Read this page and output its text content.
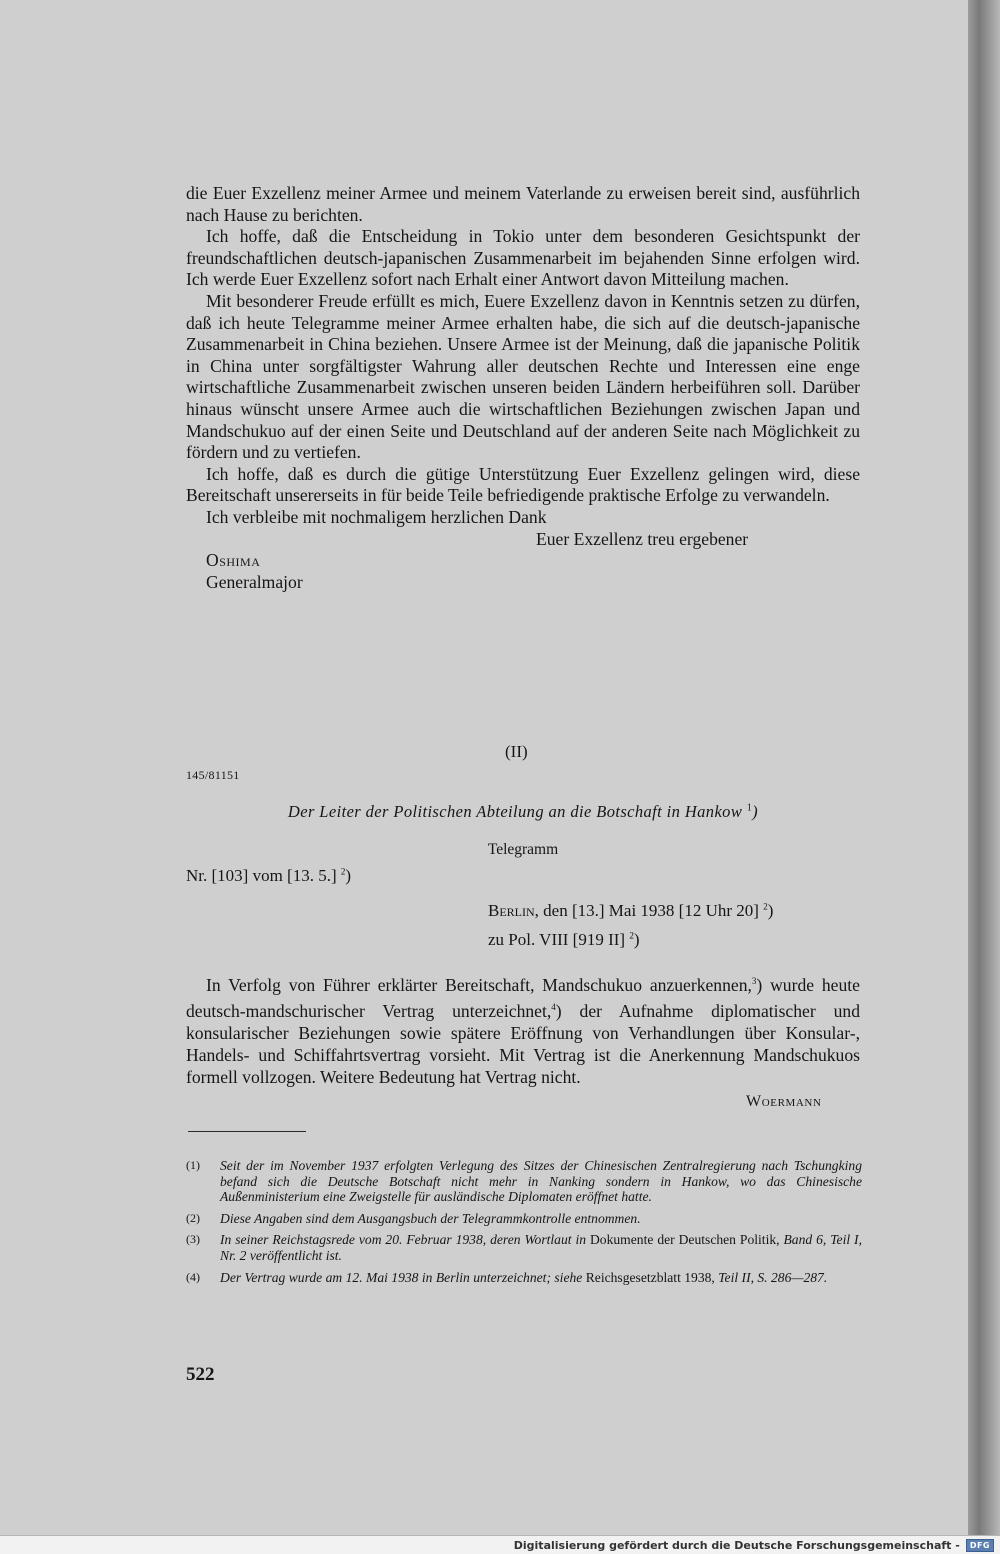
die Euer Exzellenz meiner Armee und meinem Vaterlande zu erweisen bereit sind, ausführlich nach Hause zu berichten.

Ich hoffe, daß die Entscheidung in Tokio unter dem besonderen Gesichtspunkt der freundschaftlichen deutsch-japanischen Zusammenarbeit im bejahenden Sinne erfolgen wird. Ich werde Euer Exzellenz sofort nach Erhalt einer Antwort davon Mitteilung machen.

Mit besonderer Freude erfüllt es mich, Euere Exzellenz davon in Kenntnis setzen zu dürfen, daß ich heute Telegramme meiner Armee erhalten habe, die sich auf die deutsch-japanische Zusammenarbeit in China beziehen. Unsere Armee ist der Meinung, daß die japanische Politik in China unter sorgfältigster Wahrung aller deutschen Rechte und Interessen eine enge wirtschaftliche Zusammenarbeit zwischen unseren beiden Ländern herbeiführen soll. Darüber hinaus wünscht unsere Armee auch die wirtschaftlichen Beziehungen zwischen Japan und Mandschukuo auf der einen Seite und Deutschland auf der anderen Seite nach Möglichkeit zu fördern und zu vertiefen.

Ich hoffe, daß es durch die gütige Unterstützung Euer Exzellenz gelingen wird, diese Bereitschaft unsererseits in für beide Teile befriedigende praktische Erfolge zu verwandeln.

Ich verbleibe mit nochmaligem herzlichen Dank

Euer Exzellenz treu ergebener

Oshima

Generalmajor

(II)
145/81151
Der Leiter der Politischen Abteilung an die Botschaft in Hankow $^1$)
Telegramm
Nr. [103] vom [13. 5.] $^2$)
Berlin, den [13.] Mai 1938 [12 Uhr 20] $^2$)
zu Pol. VIII [919 II] $^2$)

In Verfolg von Führer erklärter Bereitschaft, Mandschukuo anzuerkennen,$^3$) wurde heute deutsch-mandschurischer Vertrag unterzeichnet,$^4$) der Aufnahme diplomatischer und konsularischer Beziehungen sowie spätere Eröffnung von Verhandlungen über Konsular-, Handels- und Schiffahrtsvertrag vorsieht. Mit Vertrag ist die Anerkennung Mandschukuos formell vollzogen. Weitere Bedeutung hat Vertrag nicht.

Woermann
(1)	Seit der im November 1937 erfolgten Verlegung des Sitzes der Chinesischen Zentralregierung nach Tschungking befand sich die Deutsche Botschaft nicht mehr in Nanking sondern in Hankow, wo das Chinesische Außenministerium eine Zweigstelle für ausländische Diplomaten eröffnet hatte.
(2)	Diese Angaben sind dem Ausgangsbuch der Telegrammkontrolle entnommen.
(3)	In seiner Reichstagsrede vom 20. Februar 1938, deren Wortlaut in Dokumente der Deutschen Politik, Band 6, Teil I, Nr. 2 veröffentlicht ist.
(4)	Der Vertrag wurde am 12. Mai 1938 in Berlin unterzeichnet; siehe Reichsgesetzblatt 1938, Teil II, S. 286—287.
522
Digitalisierung gefördert durch die Deutsche Forschungsgemeinschaft -	DFG
